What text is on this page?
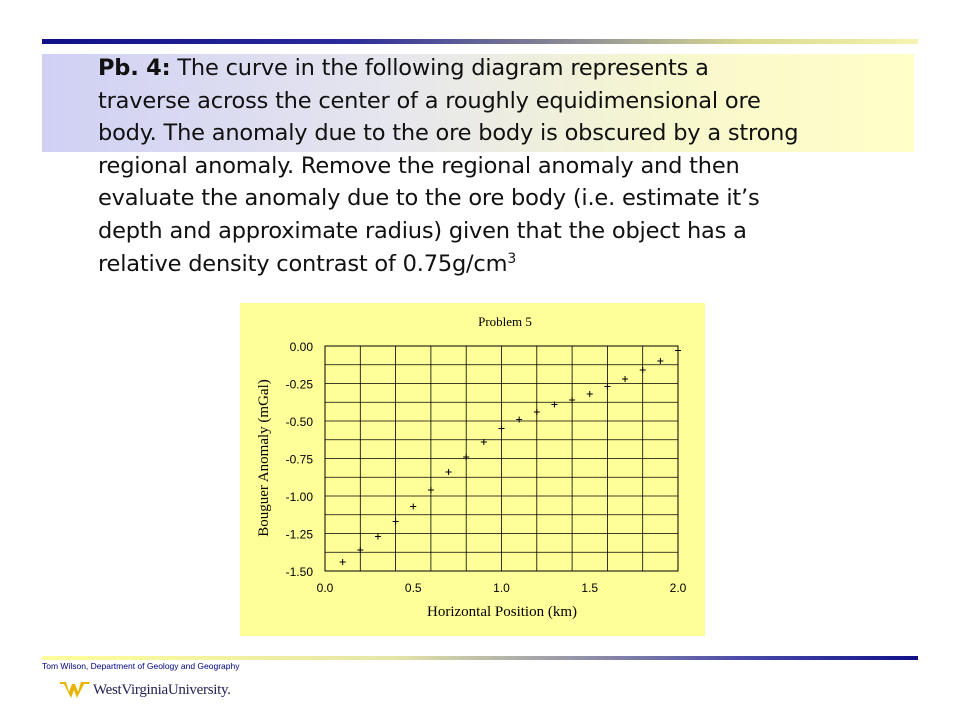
Pb. 4: The curve in the following diagram represents a
traverse across the center of a roughly equidimensional ore
body. The anomaly due to the ore body is obscured by a strong
regional anomaly. Remove the regional anomaly and then
evaluate the anomaly due to the ore body (i.e. estimate it’s
depth and approximate radius) given that the object has a
relative density contrast of $0.75g/cm^3$
Problem 5
0.00
-0.25
-0.50
-0.75
-1.00
-1.25
-1.50
0.0	0.5	1.0	1.5	2.0
Horizontal Position (km)
Bouguer Anomaly (mGal)
Tom Wilson, Department of Geology and Geography
WestVirginiaUniversity.
